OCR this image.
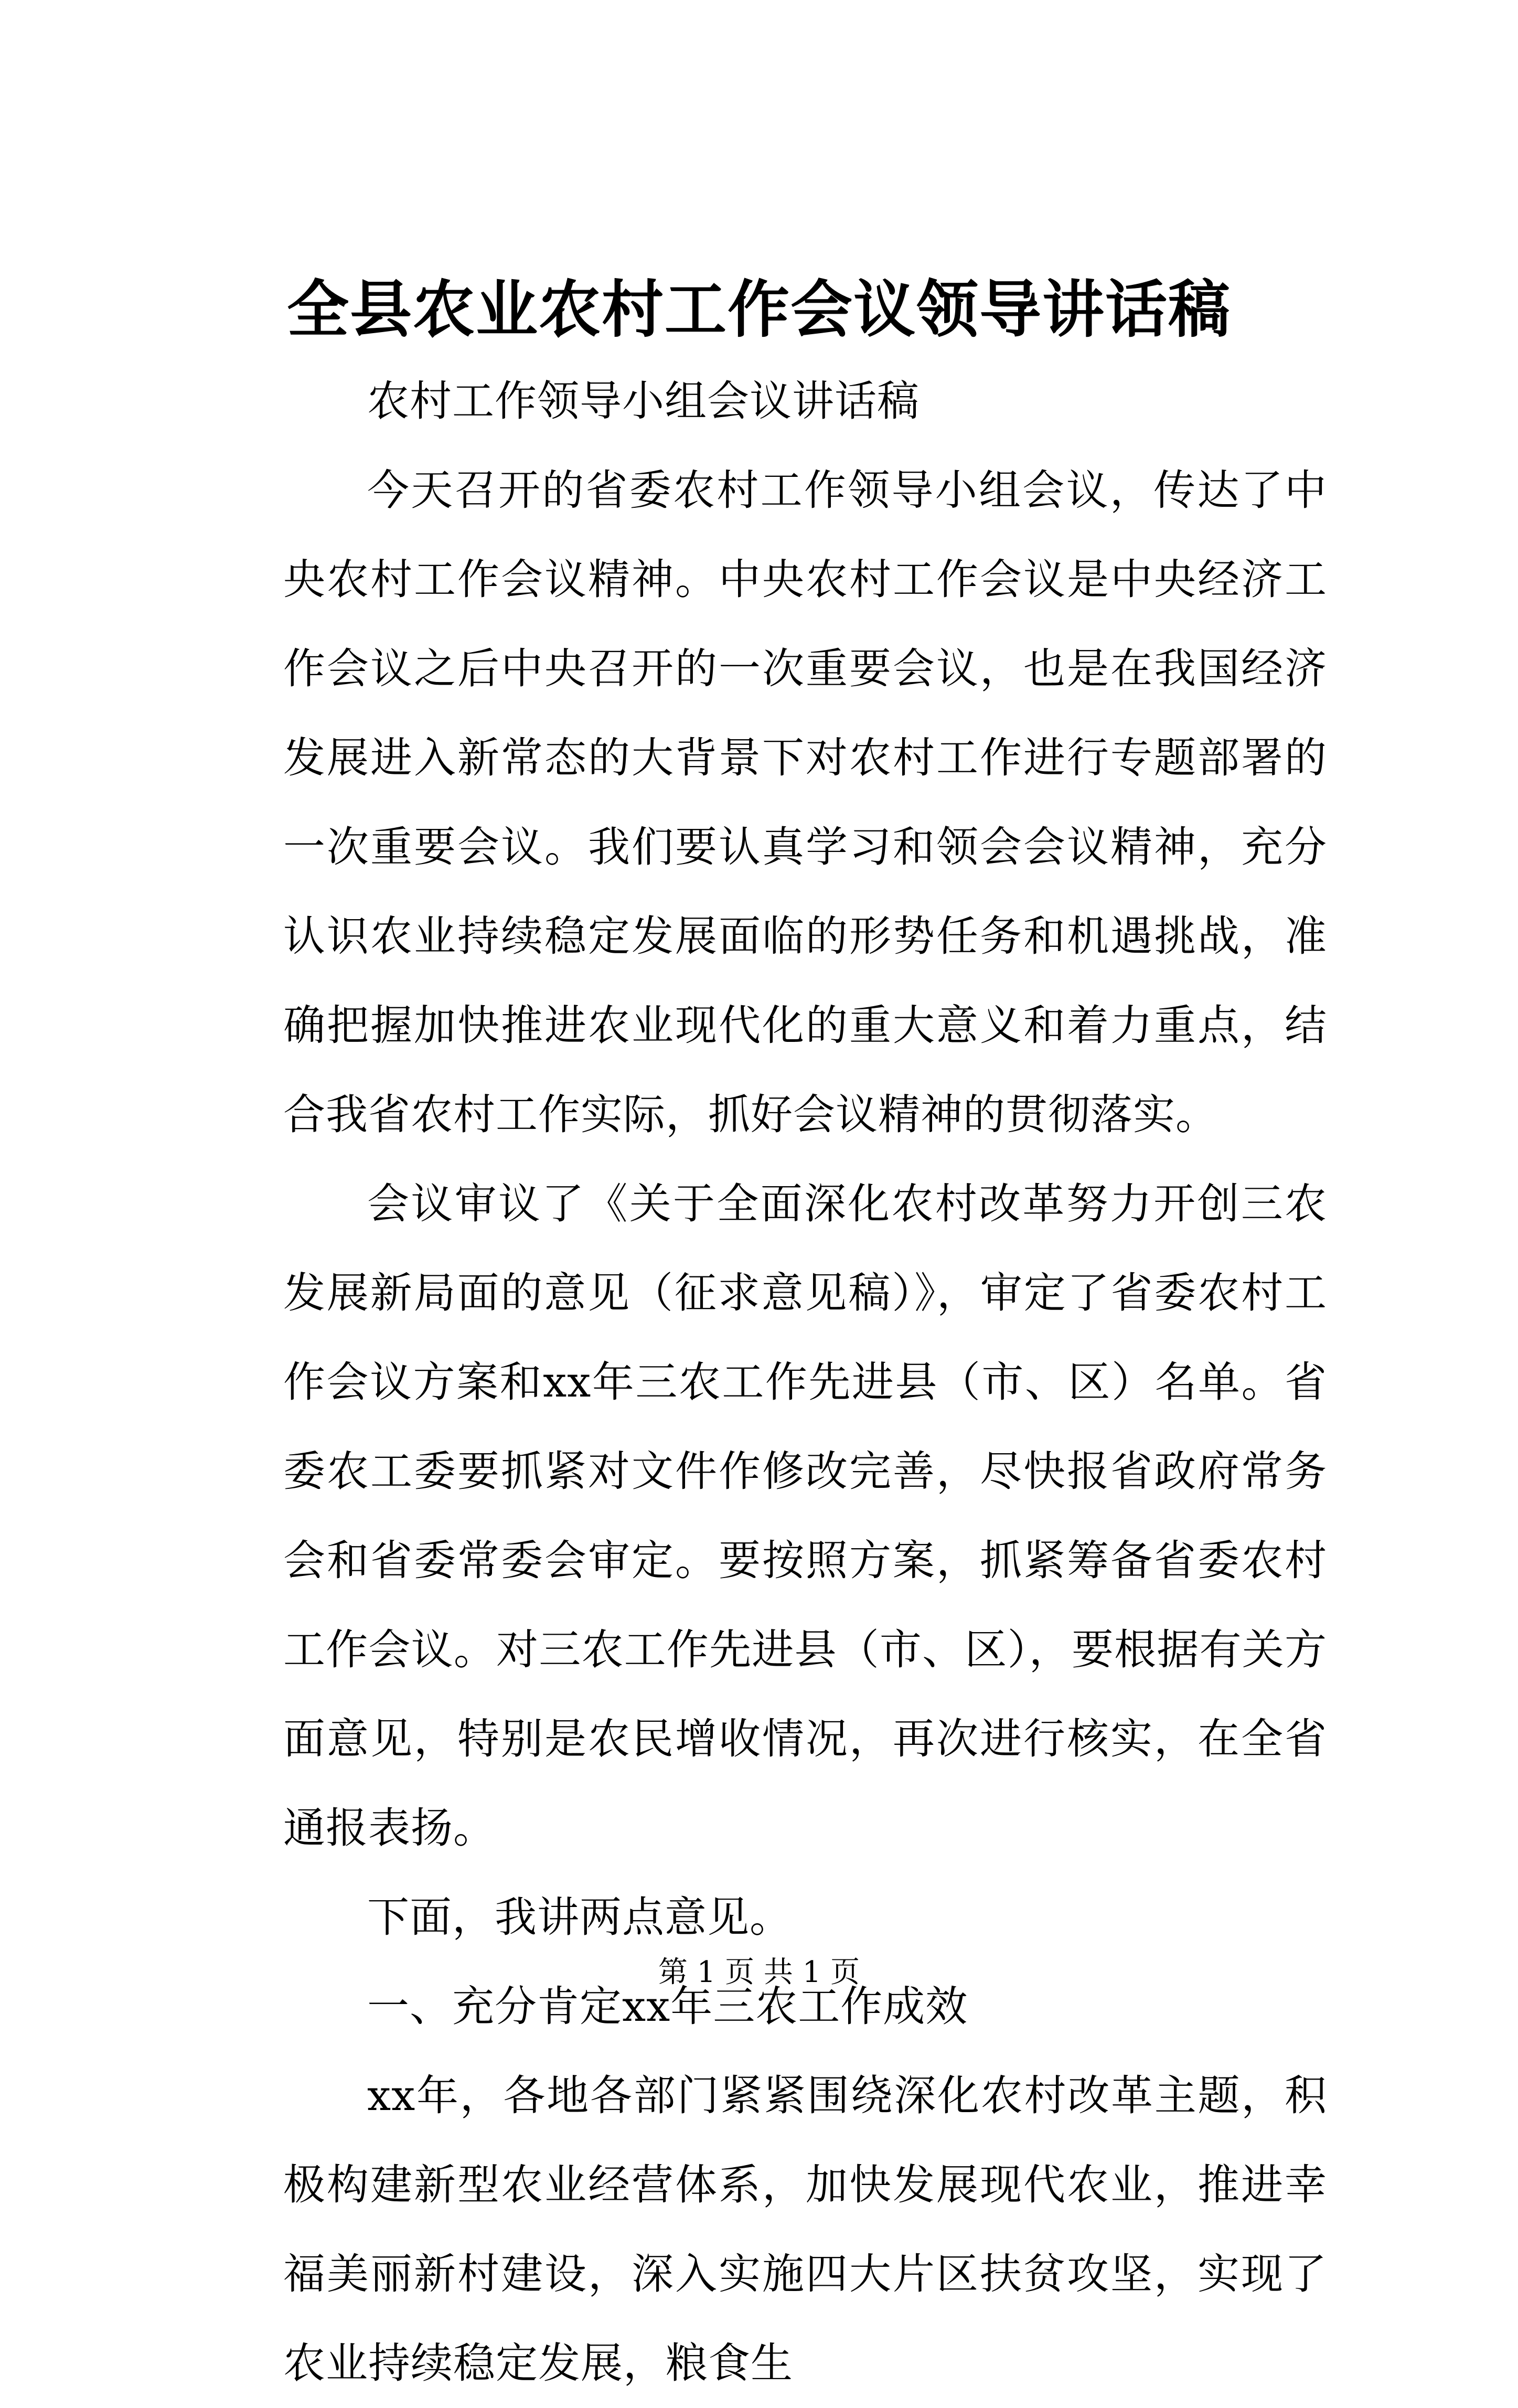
全县农业农村工作会议领导讲话稿

农村工作领导小组会议讲话稿

今天召开的省委农村工作领导小组会议，传达了中央农村工作会议精神。中央农村工作会议是中央经济工作会议之后中央召开的一次重要会议，也是在我国经济发展进入新常态的大背景下对农村工作进行专题部署的一次重要会议。我们要认真学习和领会会议精神，充分认识农业持续稳定发展面临的形势任务和机遇挑战，准确把握加快推进农业现代化的重大意义和着力重点，结合我省农村工作实际，抓好会议精神的贯彻落实。

会议审议了《关于全面深化农村改革努力开创三农发展新局面的意见（征求意见稿）》，审定了省委农村工作会议方案和xx年三农工作先进县（市、区）名单。省委农工委要抓紧对文件作修改完善，尽快报省政府常务会和省委常委会审定。要按照方案，抓紧筹备省委农村工作会议。对三农工作先进县（市、区），要根据有关方面意见，特别是农民增收情况，再次进行核实，在全省通报表扬。

下面，我讲两点意见。

一、充分肯定xx年三农工作成效

xx年，各地各部门紧紧围绕深化农村改革主题，积极构建新型农业经营体系，加快发展现代农业，推进幸福美丽新村建设，深入实施四大片区扶贫攻坚，实现了农业持续稳定发展，粮食生

第 1 页 共 1 页
